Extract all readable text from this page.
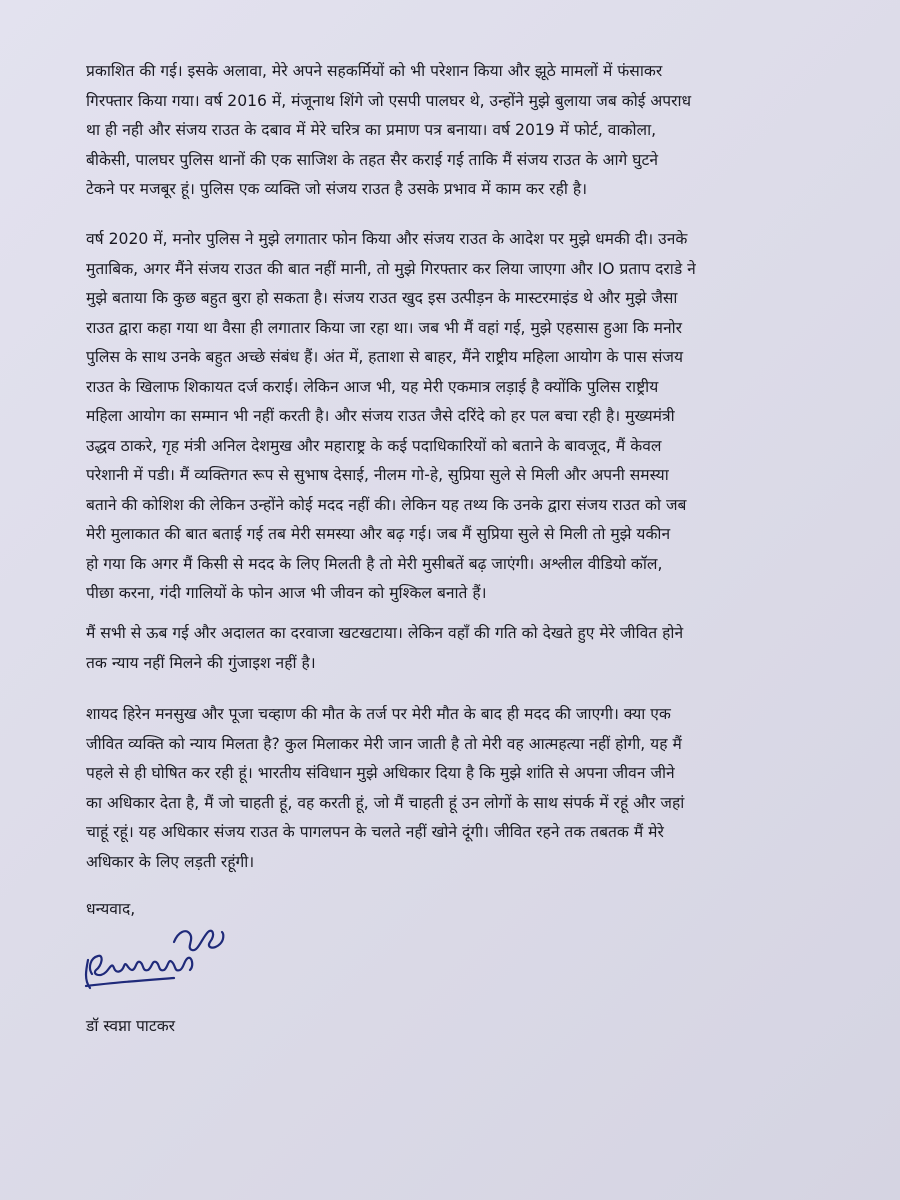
प्रकाशित की गई। इसके अलावा, मेरे अपने सहकर्मियों को भी परेशान किया और झूठे मामलों में फंसाकर
गिरफ्तार किया गया। वर्ष 2016 में, मंजूनाथ शिंगे जो एसपी पालघर थे, उन्होंने मुझे बुलाया जब कोई अपराध
था ही नही और संजय राउत के दबाव में मेरे चरित्र का प्रमाण पत्र बनाया। वर्ष 2019 में फोर्ट, वाकोला,
बीकेसी, पालघर पुलिस थानों की एक साजिश के तहत सैर कराई गई ताकि मैं संजय राउत के आगे घुटने
टेकने पर मजबूर हूं। पुलिस एक व्यक्ति जो संजय राउत है उसके प्रभाव में काम कर रही है।
वर्ष 2020 में, मनोर पुलिस ने मुझे लगातार फोन किया और संजय राउत के आदेश पर मुझे धमकी दी। उनके
मुताबिक, अगर मैंने संजय राउत की बात नहीं मानी, तो मुझे गिरफ्तार कर लिया जाएगा और IO प्रताप दराडे ने
मुझे बताया कि कुछ बहुत बुरा हो सकता है। संजय राउत खुद इस उत्पीड़न के मास्टरमाइंड थे और मुझे जैसा
राउत द्वारा कहा गया था वैसा ही लगातार किया जा रहा था। जब भी मैं वहां गई, मुझे एहसास हुआ कि मनोर
पुलिस के साथ उनके बहुत अच्छे संबंध हैं। अंत में, हताशा से बाहर, मैंने राष्ट्रीय महिला आयोग के पास संजय
राउत के खिलाफ शिकायत दर्ज कराई। लेकिन आज भी, यह मेरी एकमात्र लड़ाई है क्योंकि पुलिस राष्ट्रीय
महिला आयोग का सम्मान भी नहीं करती है। और संजय राउत जैसे दरिंदे को हर पल बचा रही है। मुख्यमंत्री
उद्धव ठाकरे, गृह मंत्री अनिल देशमुख और महाराष्ट्र के कई पदाधिकारियों को बताने के बावजूद, मैं केवल
परेशानी में पडी। मैं व्यक्तिगत रूप से सुभाष देसाई, नीलम गो-हे, सुप्रिया सुले से मिली और अपनी समस्या
बताने की कोशिश की लेकिन उन्होंने कोई मदद नहीं की। लेकिन यह तथ्य कि उनके द्वारा संजय राउत को जब
मेरी मुलाकात की बात बताई गई तब मेरी समस्या और बढ़ गई। जब मैं सुप्रिया सुले से मिली तो मुझे यकीन
हो गया कि अगर मैं किसी से मदद के लिए मिलती है तो मेरी मुसीबतें बढ़ जाएंगी। अश्लील वीडियो कॉल,
पीछा करना, गंदी गालियों के फोन आज भी जीवन को मुश्किल बनाते हैं।
मैं सभी से ऊब गई और अदालत का दरवाजा खटखटाया। लेकिन वहाँ की गति को देखते हुए मेरे जीवित होने
तक न्याय नहीं मिलने की गुंजाइश नहीं है।
शायद हिरेन मनसुख और पूजा चव्हाण की मौत के तर्ज पर मेरी मौत के बाद ही मदद की जाएगी। क्या एक
जीवित व्यक्ति को न्याय मिलता है? कुल मिलाकर मेरी जान जाती है तो मेरी वह आत्महत्या नहीं होगी, यह मैं
पहले से ही घोषित कर रही हूं। भारतीय संविधान मुझे अधिकार दिया है कि मुझे शांति से अपना जीवन जीने
का अधिकार देता है, मैं जो चाहती हूं, वह करती हूं, जो मैं चाहती हूं उन लोगों के साथ संपर्क में रहूं और जहां
चाहूं रहूं। यह अधिकार संजय राउत के पागलपन के चलते नहीं खोने दूंगी। जीवित रहने तक तबतक मैं मेरे
अधिकार के लिए लड़ती रहूंगी।
धन्यवाद,
डॉ स्वप्ना पाटकर
